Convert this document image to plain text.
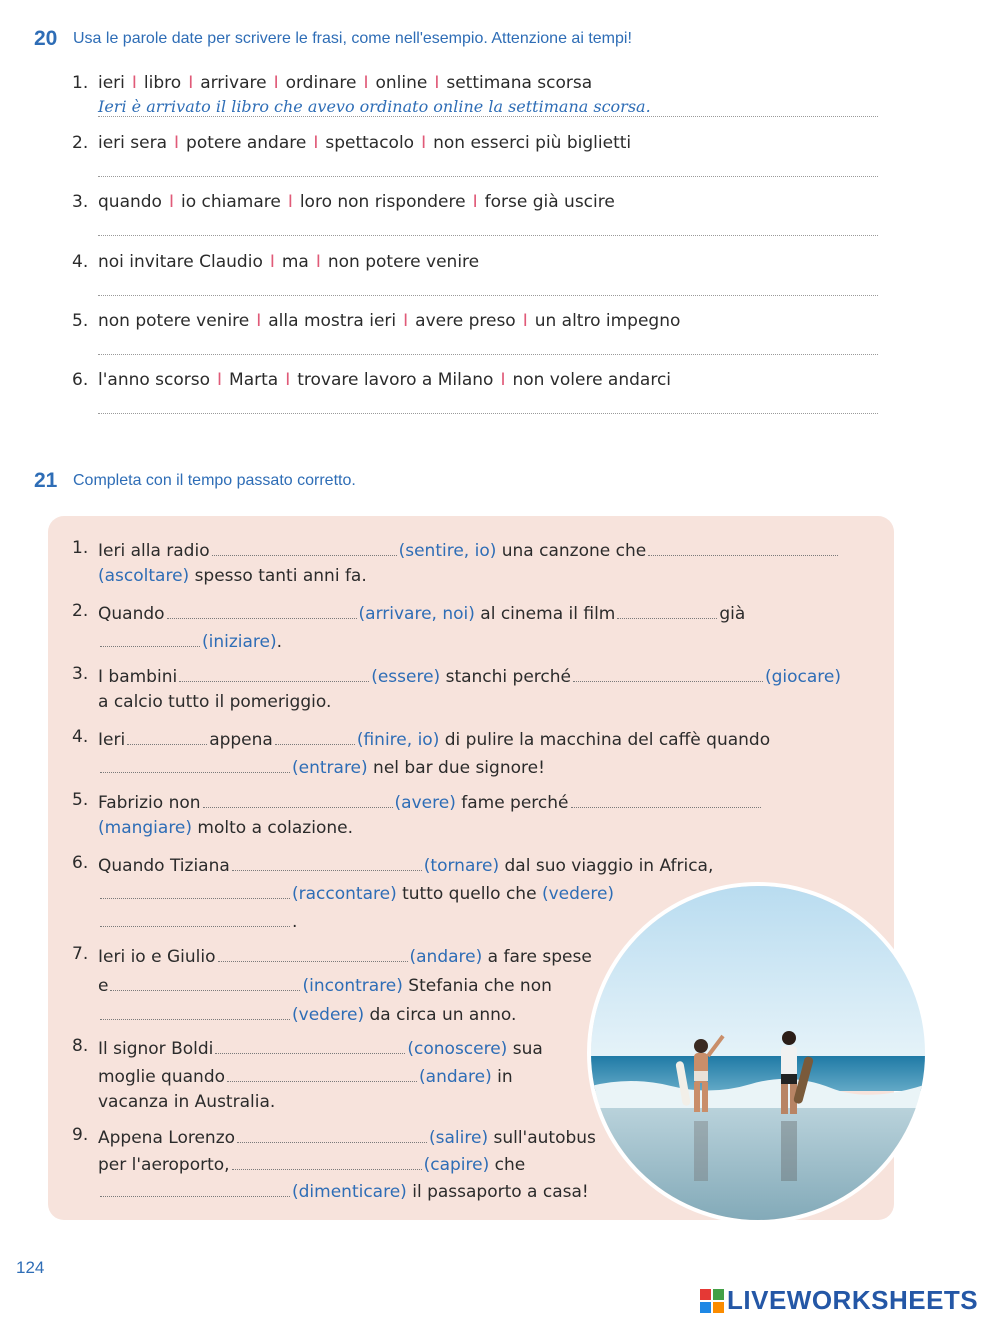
20 Usa le parole date per scrivere le frasi, come nell'esempio. Attenzione ai tempi!
1. ieri I libro I arrivare I ordinare I online I settimana scorsa
Ieri è arrivato il libro che avevo ordinato online la settimana scorsa.
2. ieri sera I potere andare I spettacolo I non esserci più biglietti
3. quando I io chiamare I loro non rispondere I forse già uscire
4. noi invitare Claudio I ma I non potere venire
5. non potere venire I alla mostra ieri I avere preso I un altro impegno
6. l'anno scorso I Marta I trovare lavoro a Milano I non volere andarci
21 Completa con il tempo passato corretto.
1. Ieri alla radio	(sentire, io) una canzone che
(ascoltare) spesso tanti anni fa.
2. Quando	(arrivare, noi) al cinema il film	già
(iniziare).
3. I bambini	(essere) stanchi perché	(giocare)
a calcio tutto il pomeriggio.
4. Ieri	appena	(finire, io) di pulire la macchina del caffè quando
(entrare) nel bar due signore!
5. Fabrizio non	(avere) fame perché
(mangiare) molto a colazione.
6. Quando Tiziana	(tornare) dal suo viaggio in Africa,
(raccontare) tutto quello che (vedere)
.
7. Ieri io e Giulio	(andare) a fare spese
e	(incontrare) Stefania che non
(vedere) da circa un anno.
8. Il signor Boldi	(conoscere) sua
moglie quando	(andare) in
vacanza in Australia.
9. Appena Lorenzo	(salire) sull'autobus
per l'aeroporto,	(capire) che
(dimenticare) il passaporto a casa!
124
LIVEWORKSHEETS
